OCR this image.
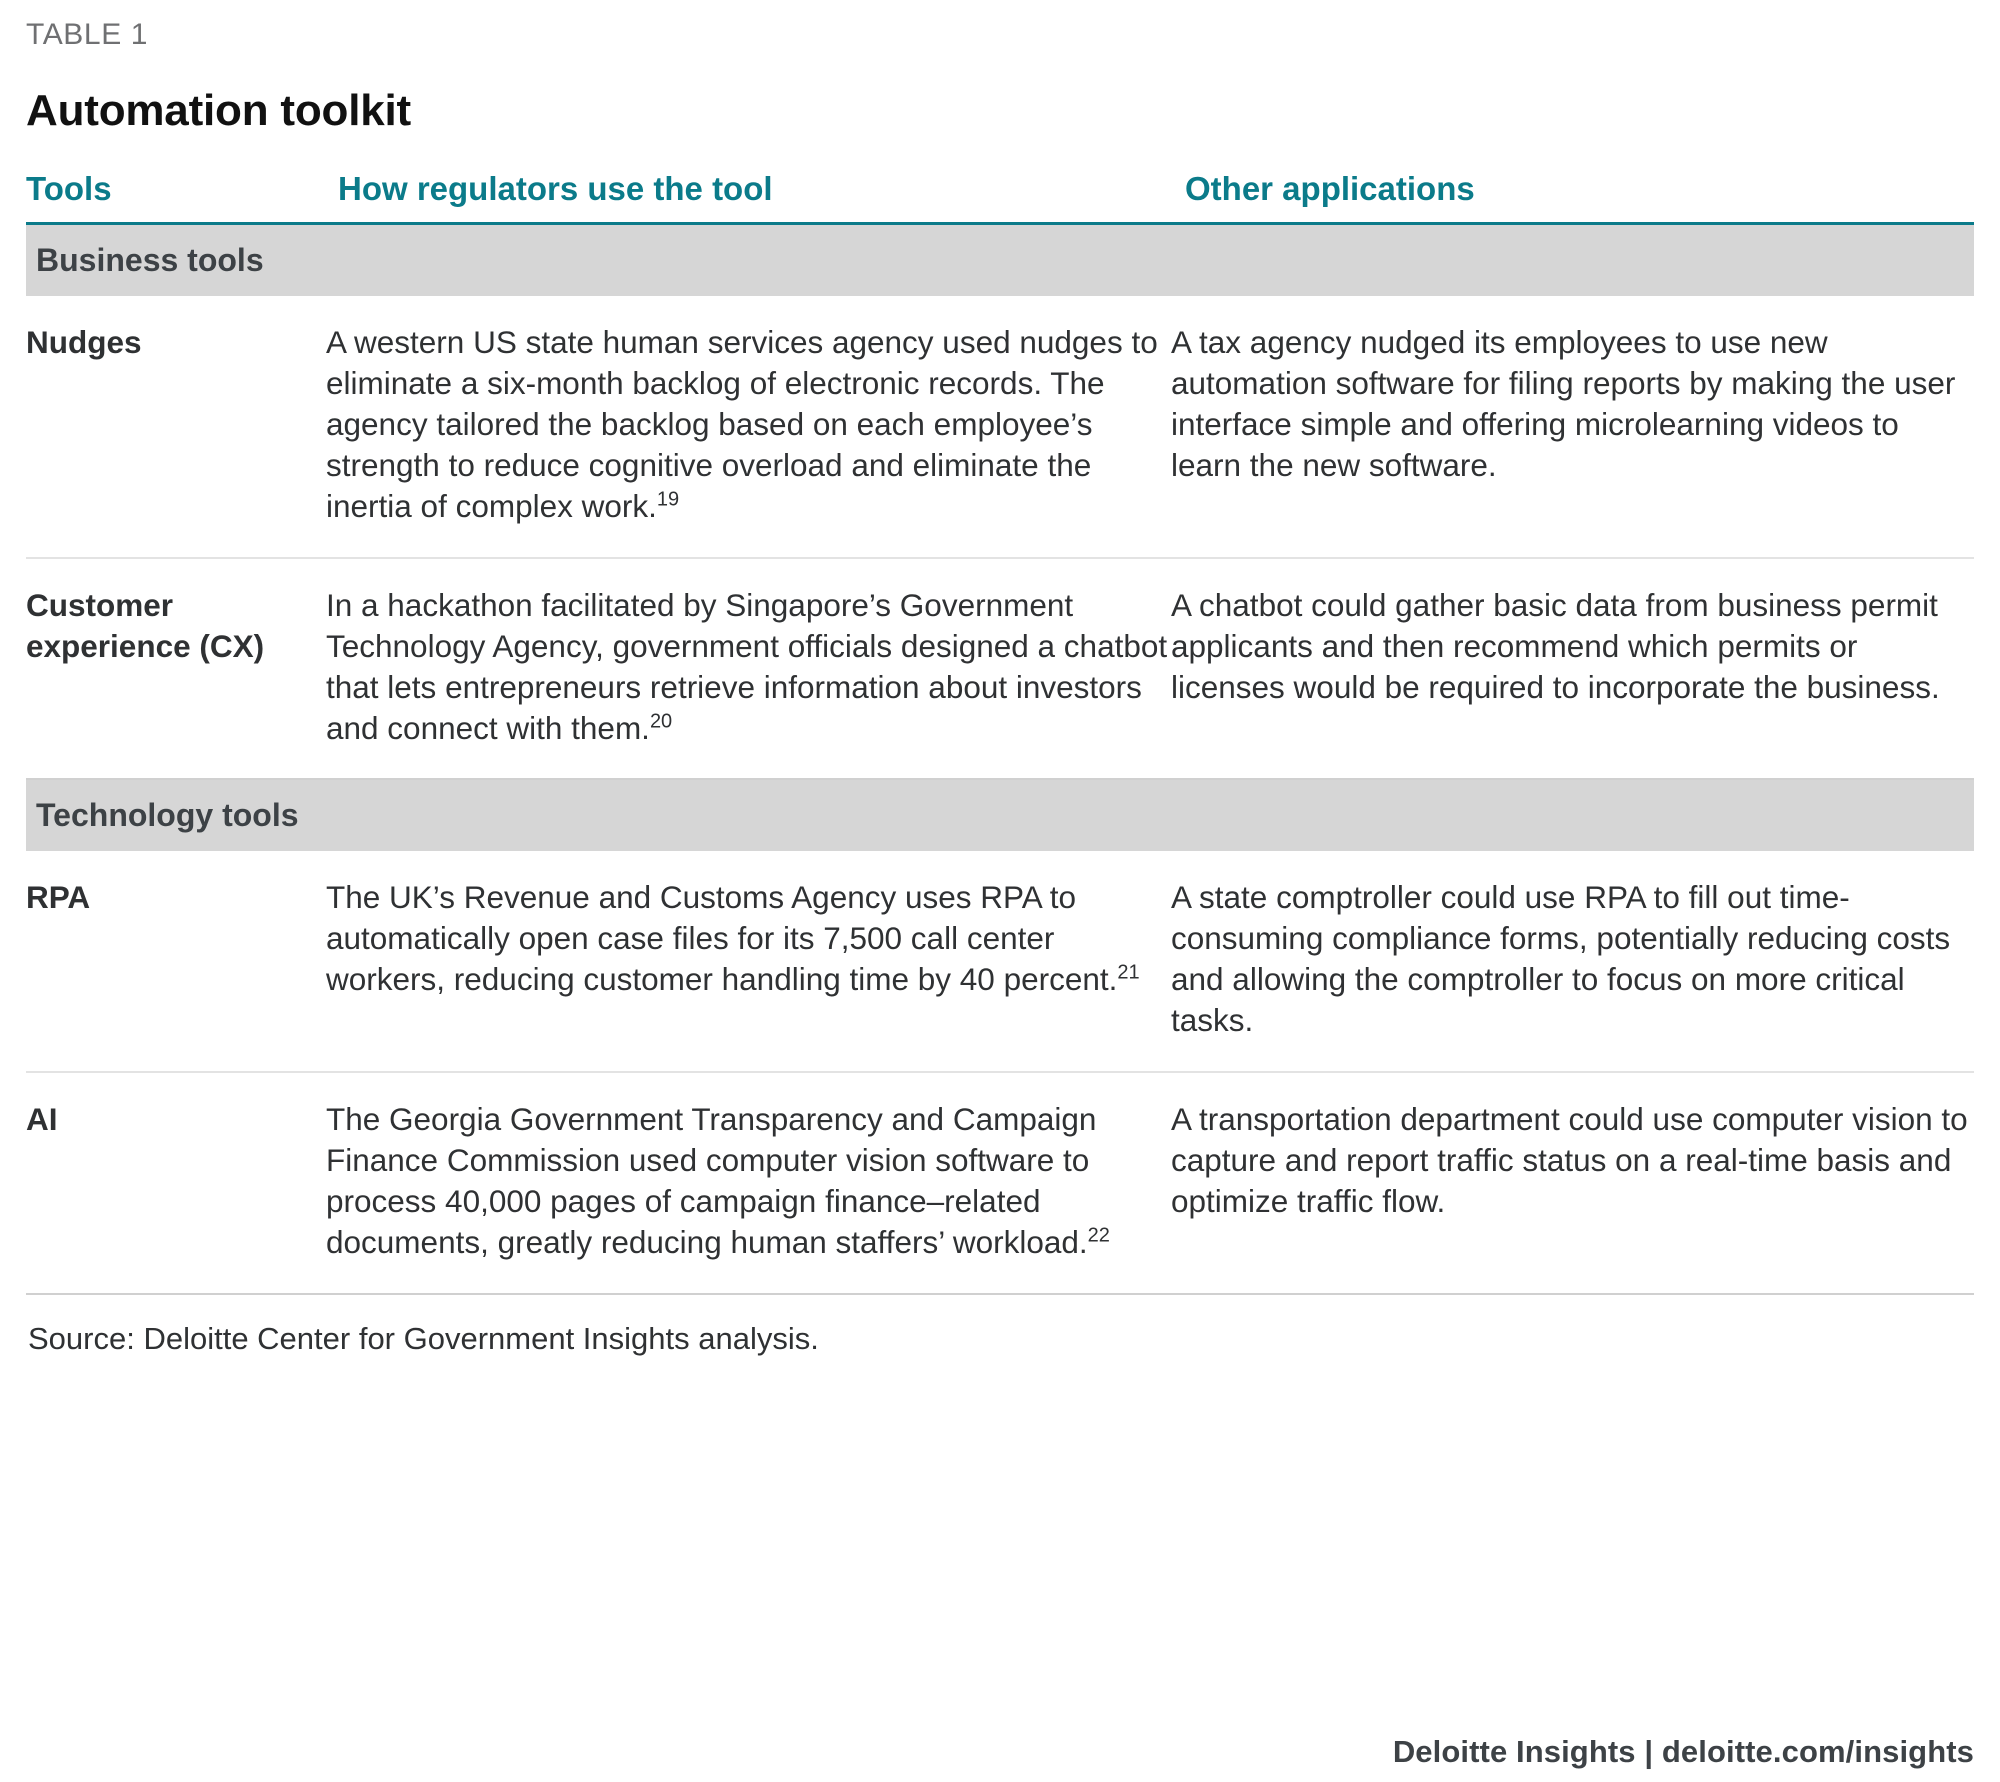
TABLE 1
Automation toolkit
Tools	How regulators use the tool	Other applications
Business tools		
Nudges	A western US state human services agency used nudges to eliminate a six-month backlog of electronic records. The agency tailored the backlog based on each employee’s strength to reduce cognitive overload and eliminate the inertia of complex work.$^{19}$	A tax agency nudged its employees to use new automation software for filing reports by making the user interface simple and offering microlearning videos to learn the new software.
Customer experience (CX)	In a hackathon facilitated by Singapore’s Government Technology Agency, government officials designed a chatbot that lets entrepreneurs retrieve information about investors and connect with them.$^{20}$	A chatbot could gather basic data from business permit applicants and then recommend which permits or licenses would be required to incorporate the business.
Technology tools		
RPA	The UK’s Revenue and Customs Agency uses RPA to automatically open case files for its 7,500 call center workers, reducing customer handling time by 40 percent.$^{21}$	A state comptroller could use RPA to fill out time-consuming compliance forms, potentially reducing costs and allowing the comptroller to focus on more critical tasks.
AI	The Georgia Government Transparency and Campaign Finance Commission used computer vision software to process 40,000 pages of campaign finance–related documents, greatly reducing human staffers’ workload.$^{22}$	A transportation department could use computer vision to capture and report traffic status on a real-time basis and optimize traffic flow.
Source: Deloitte Center for Government Insights analysis.
Deloitte Insights | deloitte.com/insights
